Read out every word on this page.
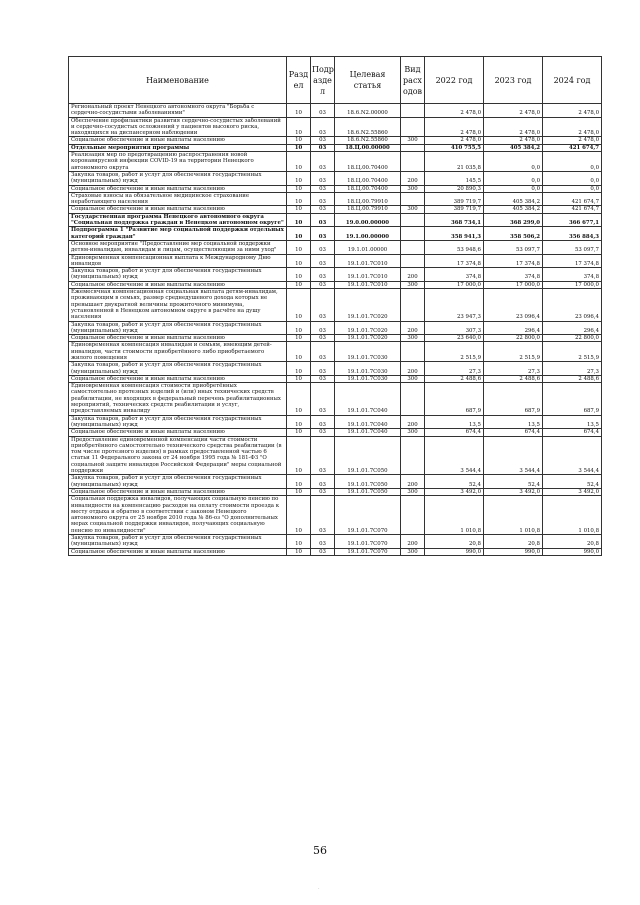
Наименование	Разд ел	Подр азде л	Целевая статья	Вид расх одов	2022 год	2023 год	2024 год
Региональный проект Ненецкого автономного округа "Борьба с сердечно-сосудистыми заболеваниями"	10	03	18.6.N2.00000		2 478,0	2 478,0	2 478,0
Обеспечение профилактики развития сердечно-сосудистых заболеваний и сердечно-сосудистых осложнений у пациентов высокого риска, находящихся на диспансерном наблюдении	10	03	18.6.N2.55860		2 478,0	2 478,0	2 478,0
Социальное обеспечение и иные выплаты населению	10	03	18.6.N2.55860	300	2 478,0	2 478,0	2 478,0
Отдельные мероприятия программы	10	03	18.Ц.00.00000		410 755,5	405 384,2	421 674,7
Реализация мер по предотвращению распространения новой коронавирусной инфекции COVID-19 на территории Ненецкого автономного округа	10	03	18.Ц.00.70400		21 035,8	0,0	0,0
Закупка товаров, работ и услуг для обеспечения государственных (муниципальных) нужд	10	03	18.Ц.00.70400	200	145,5	0,0	0,0
Социальное обеспечение и иные выплаты населению	10	03	18.Ц.00.70400	300	20 890,3	0,0	0,0
Страховые взносы на обязательное медицинское страхование неработающего населения	10	03	18.Ц.00.79910		389 719,7	405 384,2	421 674,7
Социальное обеспечение и иные выплаты населению	10	03	18.Ц.00.79910	300	389 719,7	405 384,2	421 674,7
Государственная программа Ненецкого автономного округа "Социальная поддержка граждан в Ненецком автономном округе"	10	03	19.0.00.00000		368 734,1	368 299,0	366 677,1
Подпрограмма 1 "Развитие мер социальной поддержки отдельных категорий граждан"	10	03	19.1.00.00000		358 941,3	358 506,2	356 884,3
Основное мероприятие "Предоставление мер социальной поддержки детям-инвалидам, инвалидам и лицам, осуществляющим за ними уход"	10	03	19.1.01.00000		53 948,6	53 097,7	53 097,7
Единовременная компенсационная выплата к Международному Дню инвалидов	10	03	19.1.01.7С010		17 374,8	17 374,8	17 374,8
Закупка товаров, работ и услуг для обеспечения государственных (муниципальных) нужд	10	03	19.1.01.7С010	200	374,8	374,8	374,8
Социальное обеспечение и иные выплаты населению	10	03	19.1.01.7С010	300	17 000,0	17 000,0	17 000,0
Ежемесячная компенсационная социальная выплата детям-инвалидам, проживающим в семьях, размер среднедушевого дохода которых не превышает двукратной величины прожиточного минимума, установленной в Ненецком автономном округе в расчёте на душу населения	10	03	19.1.01.7С020		23 947,3	23 096,4	23 096,4
Закупка товаров, работ и услуг для обеспечения государственных (муниципальных) нужд	10	03	19.1.01.7С020	200	307,3	296,4	296,4
Социальное обеспечение и иные выплаты населению	10	03	19.1.01.7С020	300	23 640,0	22 800,0	22 800,0
Единовременная компенсация инвалидам и семьям, имеющим детей-инвалидов, части стоимости приобретённого либо приобретаемого жилого помещения	10	03	19.1.01.7С030		2 515,9	2 515,9	2 515,9
Закупка товаров, работ и услуг для обеспечения государственных (муниципальных) нужд	10	03	19.1.01.7С030	200	27,3	27,3	27,3
Социальное обеспечение и иные выплаты населению	10	03	19.1.01.7С030	300	2 488,6	2 488,6	2 488,6
Единовременная компенсация стоимости приобретённых самостоятельно протезных изделий и (или) иных технических средств реабилитации, не входящих в федеральный перечень реабилитационных мероприятий, технических средств реабилитации и услуг, предоставляемых инвалиду	10	03	19.1.01.7С040		687,9	687,9	687,9
Закупка товаров, работ и услуг для обеспечения государственных (муниципальных) нужд	10	03	19.1.01.7С040	200	13,5	13,5	13,5
Социальное обеспечение и иные выплаты населению	10	03	19.1.01.7С040	300	674,4	674,4	674,4
Предоставление единовременной компенсации части стоимости приобретённого самостоятельно технического средства реабилитации (в том числе протезного изделия) в рамках предоставленной частью 6 статьи 11 Федерального закона от 24 ноября 1995 года № 181-ФЗ "О социальной защите инвалидов Российской Федерации" меры социальной поддержки	10	03	19.1.01.7С050		3 544,4	3 544,4	3 544,4
Закупка товаров, работ и услуг для обеспечения государственных (муниципальных) нужд	10	03	19.1.01.7С050	200	52,4	52,4	52,4
Социальное обеспечение и иные выплаты населению	10	03	19.1.01.7С050	300	3 492,0	3 492,0	3 492,0
Социальная поддержка инвалидов, получающих социальную пенсию по инвалидности на компенсацию расходов на оплату стоимости проезда к месту отдыха и обратно в соответствии с законом Ненецкого автономного округа от 25 ноября 2010 года № 86-оз "О дополнительных мерах социальной поддержки инвалидов, получающих социальную пенсию по инвалидности"	10	03	19.1.01.7С070		1 010,8	1 010,8	1 010,8
Закупка товаров, работ и услуг для обеспечения государственных (муниципальных) нужд	10	03	19.1.01.7С070	200	20,8	20,8	20,8
Социальное обеспечение и иные выплаты населению	10	03	19.1.01.7С070	300	990,0	990,0	990,0
56
·
